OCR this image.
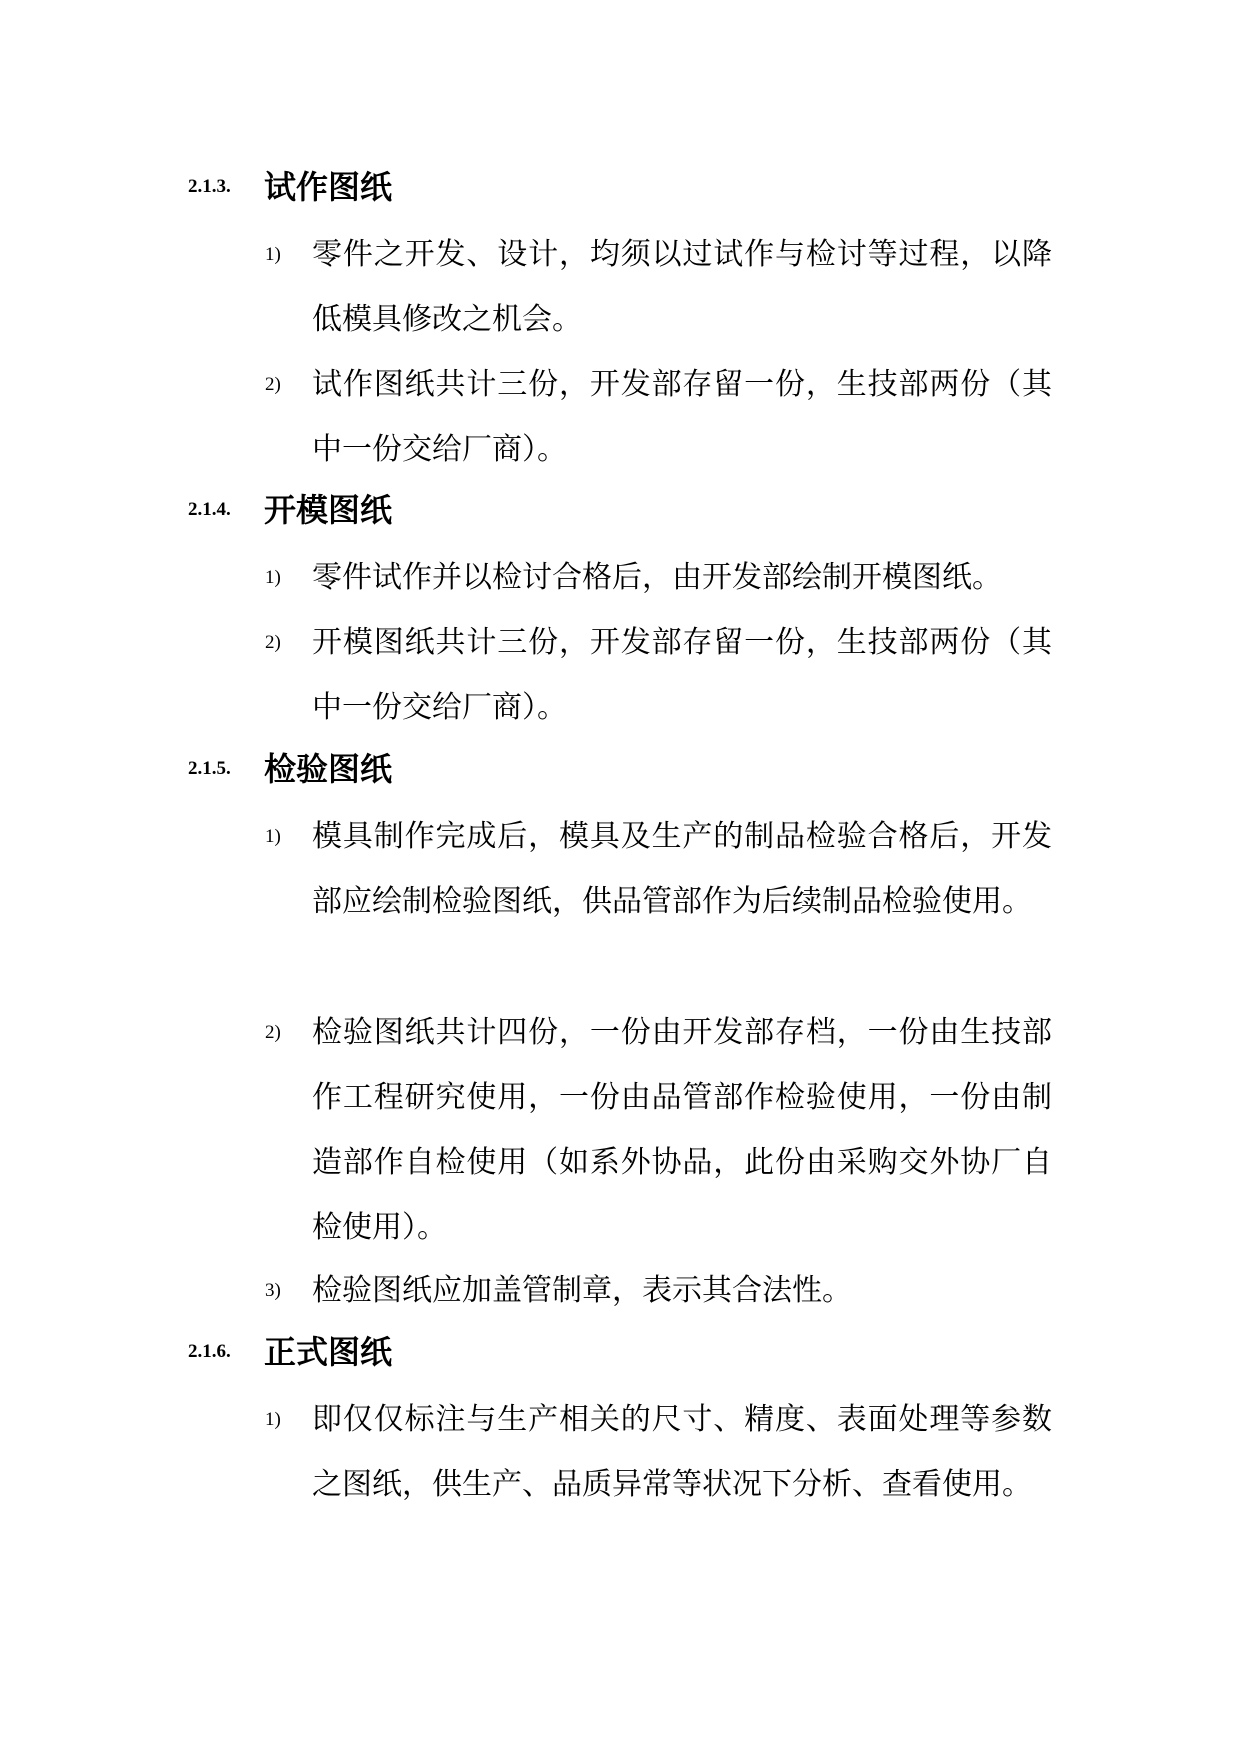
2.1.3. 试作图纸
1) 零件之开发、设计，均须以过试作与检讨等过程，以降低模具修改之机会。
2) 试作图纸共计三份，开发部存留一份，生技部两份（其中一份交给厂商）。
2.1.4. 开模图纸
1) 零件试作并以检讨合格后，由开发部绘制开模图纸。
2) 开模图纸共计三份，开发部存留一份，生技部两份（其中一份交给厂商）。
2.1.5. 检验图纸
1) 模具制作完成后，模具及生产的制品检验合格后，开发部应绘制检验图纸，供品管部作为后续制品检验使用。
2) 检验图纸共计四份，一份由开发部存档，一份由生技部作工程研究使用，一份由品管部作检验使用，一份由制造部作自检使用（如系外协品，此份由采购交外协厂自检使用）。
3) 检验图纸应加盖管制章，表示其合法性。
2.1.6. 正式图纸
1) 即仅仅标注与生产相关的尺寸、精度、表面处理等参数之图纸，供生产、品质异常等状况下分析、查看使用。
